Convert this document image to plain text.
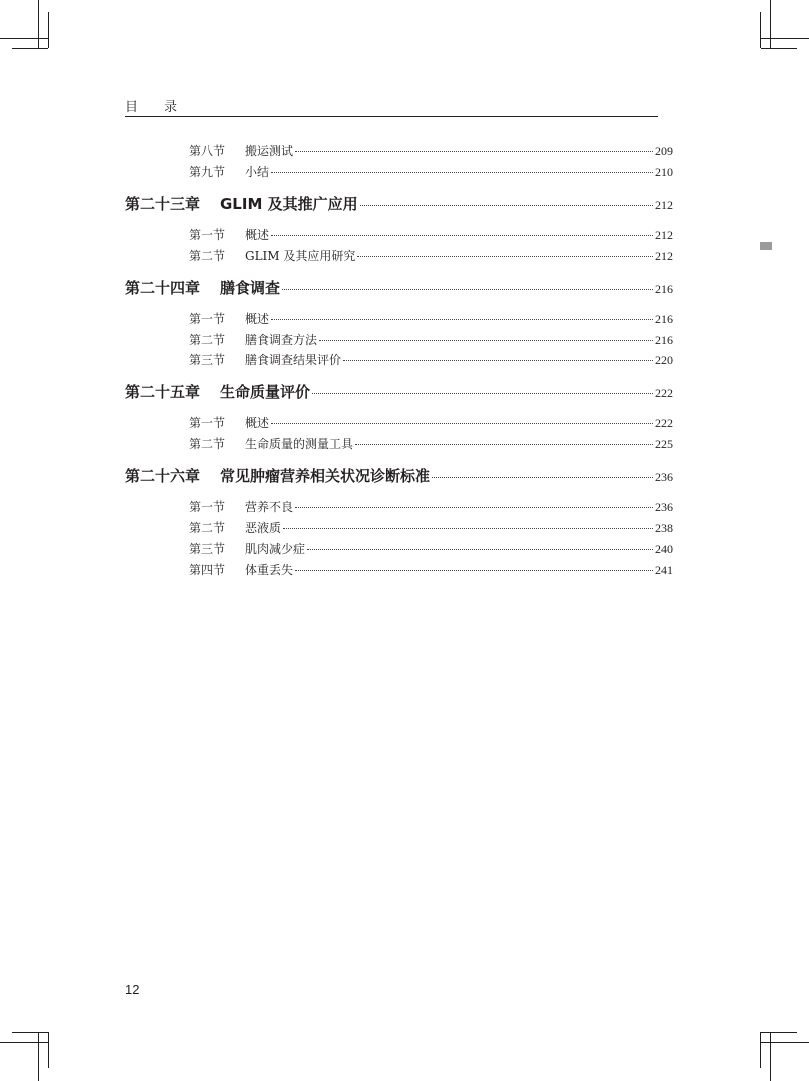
目　　录
第八节 搬运测试	209
第九节 小结	210
第二十三章 GLIM 及其推广应用	212
第一节 概述	212
第二节 GLIM 及其应用研究	212
第二十四章 膳食调查	216
第一节 概述	216
第二节 膳食调查方法	216
第三节 膳食调查结果评价	220
第二十五章 生命质量评价	222
第一节 概述	222
第二节 生命质量的测量工具	225
第二十六章 常见肿瘤营养相关状况诊断标准	236
第一节 营养不良	236
第二节 恶液质	238
第三节 肌肉减少症	240
第四节 体重丢失	241
12
